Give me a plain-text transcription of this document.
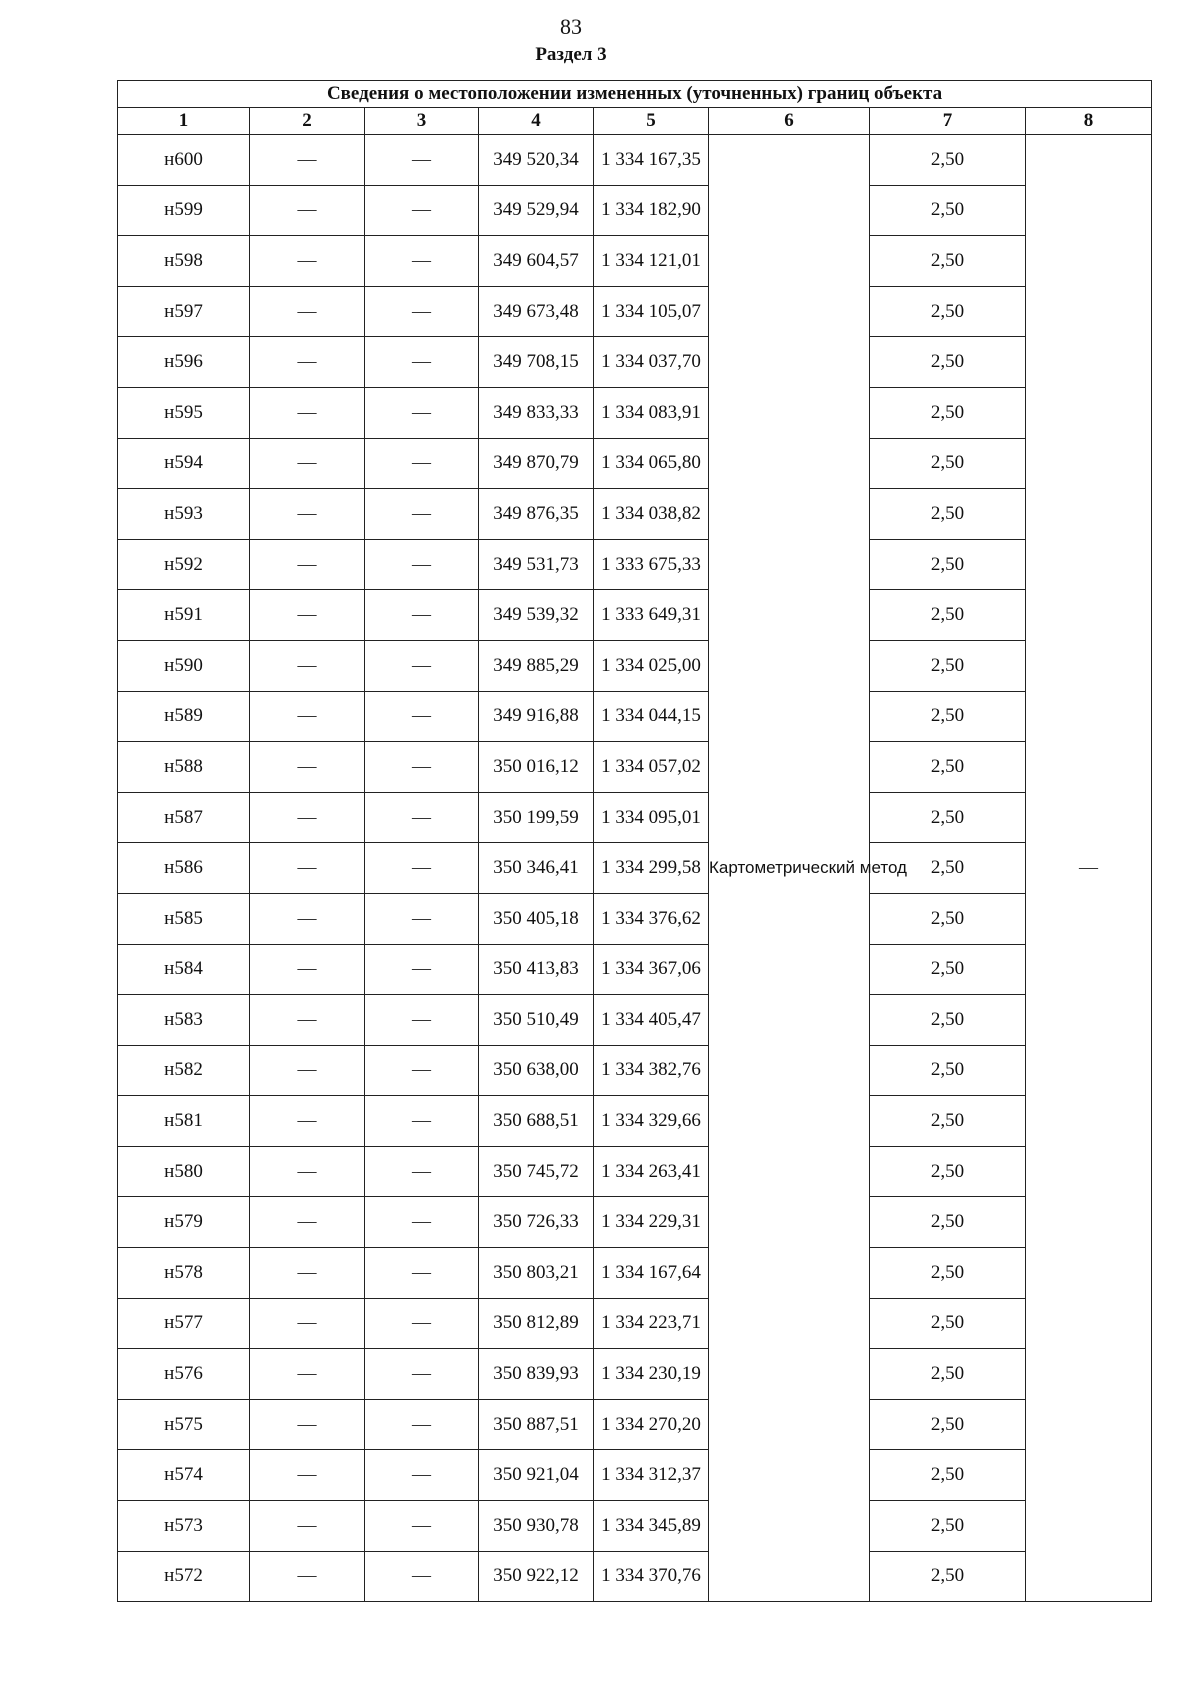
83
Раздел 3
Сведения о местоположении измененных (уточненных) границ объекта							
1	2	3	4	5	6	7	8
н600	—	—	349 520,34	1 334 167,35	Картометрический метод	2,50	—
н599	—	—	349 529,94	1 334 182,90		2,50	
н598	—	—	349 604,57	1 334 121,01		2,50	
н597	—	—	349 673,48	1 334 105,07		2,50	
н596	—	—	349 708,15	1 334 037,70		2,50	
н595	—	—	349 833,33	1 334 083,91		2,50	
н594	—	—	349 870,79	1 334 065,80		2,50	
н593	—	—	349 876,35	1 334 038,82		2,50	
н592	—	—	349 531,73	1 333 675,33		2,50	
н591	—	—	349 539,32	1 333 649,31		2,50	
н590	—	—	349 885,29	1 334 025,00		2,50	
н589	—	—	349 916,88	1 334 044,15		2,50	
н588	—	—	350 016,12	1 334 057,02		2,50	
н587	—	—	350 199,59	1 334 095,01		2,50	
н586	—	—	350 346,41	1 334 299,58		2,50	
н585	—	—	350 405,18	1 334 376,62		2,50	
н584	—	—	350 413,83	1 334 367,06		2,50	
н583	—	—	350 510,49	1 334 405,47		2,50	
н582	—	—	350 638,00	1 334 382,76		2,50	
н581	—	—	350 688,51	1 334 329,66		2,50	
н580	—	—	350 745,72	1 334 263,41		2,50	
н579	—	—	350 726,33	1 334 229,31		2,50	
н578	—	—	350 803,21	1 334 167,64		2,50	
н577	—	—	350 812,89	1 334 223,71		2,50	
н576	—	—	350 839,93	1 334 230,19		2,50	
н575	—	—	350 887,51	1 334 270,20		2,50	
н574	—	—	350 921,04	1 334 312,37		2,50	
н573	—	—	350 930,78	1 334 345,89		2,50	
н572	—	—	350 922,12	1 334 370,76		2,50	
